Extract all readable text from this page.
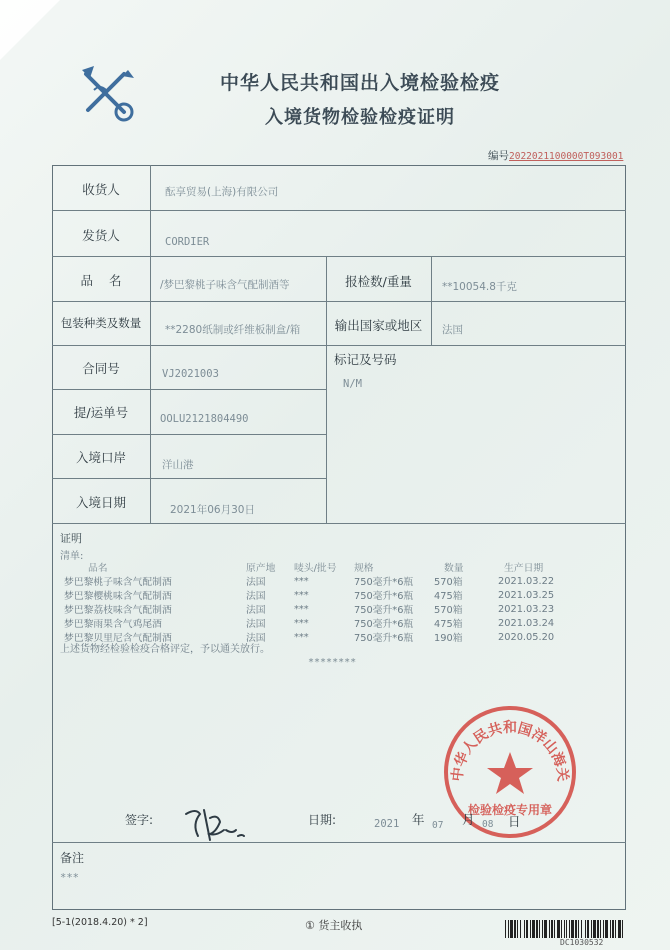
中华人民共和国出入境检验检疫
入境货物检验检疫证明
编号2022021100000T093001
收货人	酝享贸易(上海)有限公司
发货人	CORDIER
品    名	/梦巴黎桃子味含气配制酒等	报检数/重量	**10054.8千克
包装种类及数量	**2280纸制或纤维板制盒/箱	输出国家或地区	法国
合同号	VJ2021003
标记及号码
N/M
提/运单号	OOLU2121804490
入境口岸	洋山港
入境日期	2021年06月30日
证明
清单:
品名	原产地	唛头/批号	规格	数量	生产日期
梦巴黎桃子味含气配制酒	法国	***	750毫升*6瓶	570箱	2021.03.22
梦巴黎樱桃味含气配制酒	法国	***	750毫升*6瓶	475箱	2021.03.25
梦巴黎荔枝味含气配制酒	法国	***	750毫升*6瓶	570箱	2021.03.23
梦巴黎雨果含气鸡尾酒	法国	***	750毫升*6瓶	475箱	2021.03.24
梦巴黎贝里尼含气配制酒	法国	***	750毫升*6瓶	190箱	2020.05.20
上述货物经检验检疫合格评定，予以通关放行。
********
中华人民共和国洋山海关
检验检疫专用章
签字:	日期:	2021 年 07 月 08 日
备注
***
[5-1(2018.4.20) * 2]	① 货主收执
DC1030532
